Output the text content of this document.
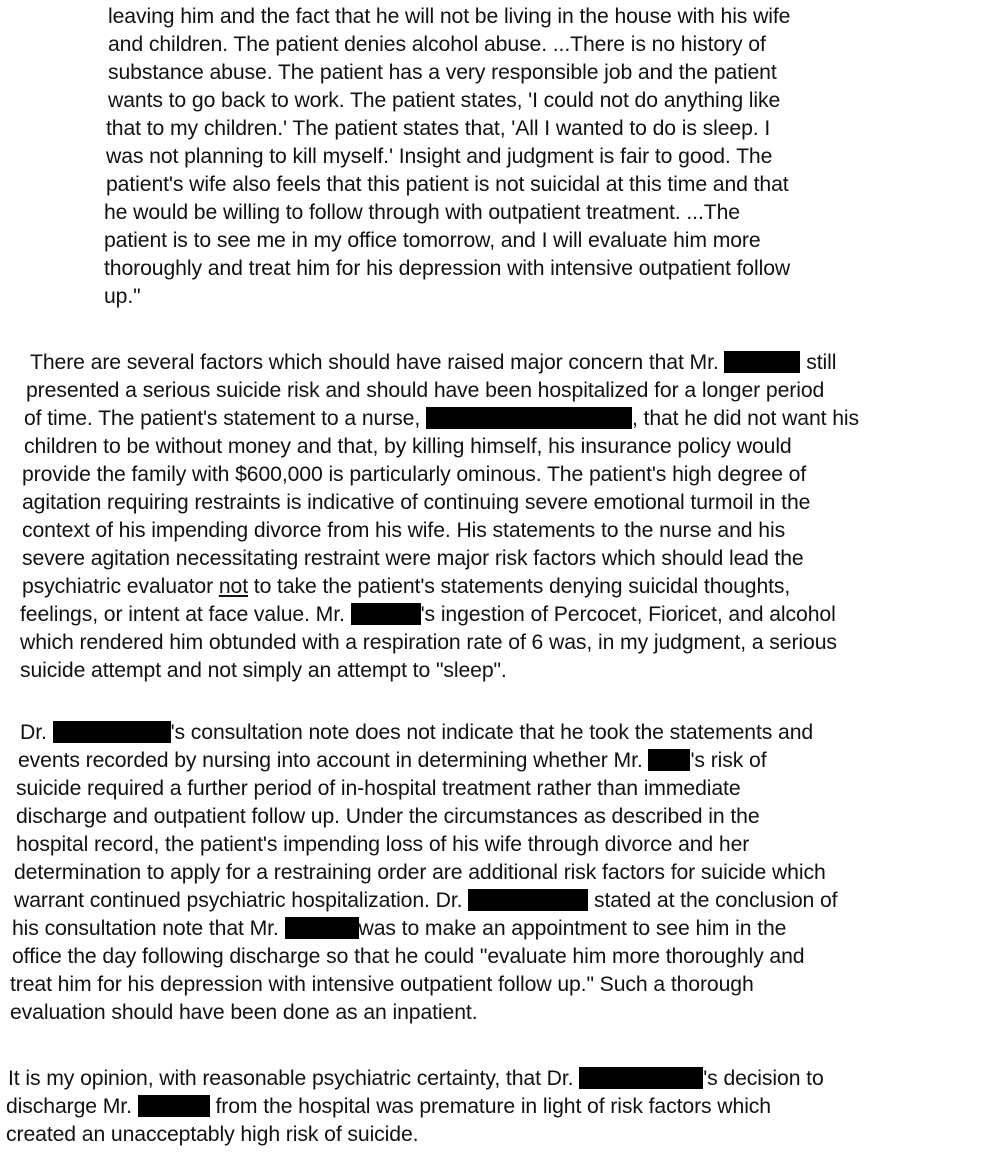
leaving him and the fact that he will not be living in the house with his wife
and children. The patient denies alcohol abuse. ...There is no history of
substance abuse. The patient has a very responsible job and the patient
wants to go back to work. The patient states, 'I could not do anything like
that to my children.' The patient states that, 'All I wanted to do is sleep. I
was not planning to kill myself.' Insight and judgment is fair to good. The
patient's wife also feels that this patient is not suicidal at this time and that
he would be willing to follow through with outpatient treatment. ...The
patient is to see me in my office tomorrow, and I will evaluate him more
thoroughly and treat him for his depression with intensive outpatient follow
up."
There are several factors which should have raised major concern that Mr.	still
presented a serious suicide risk and should have been hospitalized for a longer period
of time. The patient's statement to a nurse,	, that he did not want his
children to be without money and that, by killing himself, his insurance policy would
provide the family with $600,000 is particularly ominous. The patient's high degree of
agitation requiring restraints is indicative of continuing severe emotional turmoil in the
context of his impending divorce from his wife. His statements to the nurse and his
severe agitation necessitating restraint were major risk factors which should lead the
psychiatric evaluator not to take the patient's statements denying suicidal thoughts,
feelings, or intent at face value. Mr.	's ingestion of Percocet, Fioricet, and alcohol
which rendered him obtunded with a respiration rate of 6 was, in my judgment, a serious
suicide attempt and not simply an attempt to "sleep".
Dr.	's consultation note does not indicate that he took the statements and
events recorded by nursing into account in determining whether Mr. 's risk of
suicide required a further period of in-hospital treatment rather than immediate
discharge and outpatient follow up. Under the circumstances as described in the
hospital record, the patient's impending loss of his wife through divorce and her
determination to apply for a restraining order are additional risk factors for suicide which
warrant continued psychiatric hospitalization. Dr.	stated at the conclusion of
his consultation note that Mr.	was to make an appointment to see him in the
office the day following discharge so that he could "evaluate him more thoroughly and
treat him for his depression with intensive outpatient follow up." Such a thorough
evaluation should have been done as an inpatient.
It is my opinion, with reasonable psychiatric certainty, that Dr.	's decision to
discharge Mr.	from the hospital was premature in light of risk factors which
created an unacceptably high risk of suicide.
